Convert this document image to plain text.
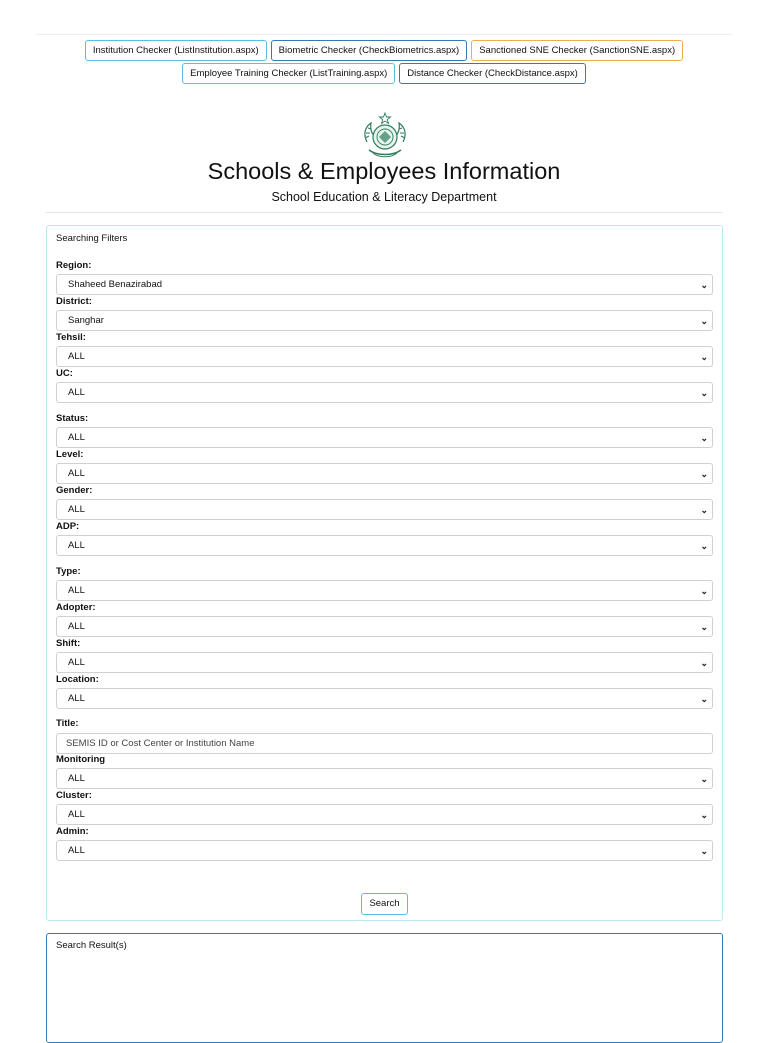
Institution Checker (ListInstitution.aspx)	Biometric Checker (CheckBiometrics.aspx)	Sanctioned SNE Checker (SanctionSNE.aspx)
Employee Training Checker (ListTraining.aspx)	Distance Checker (CheckDistance.aspx)
Schools & Employees Information
School Education & Literacy Department
Searching Filters
Region:
Shaheed Benazirabad	⌄
District:
Sanghar	⌄
Tehsil:
ALL	⌄
UC:
ALL	⌄
Status:
ALL	⌄
Level:
ALL	⌄
Gender:
ALL	⌄
ADP:
ALL	⌄
Type:
ALL	⌄
Adopter:
ALL	⌄
Shift:
ALL	⌄
Location:
ALL	⌄
Title:
SEMIS ID or Cost Center or Institution Name
Monitoring
ALL	⌄
Cluster:
ALL	⌄
Admin:
ALL	⌄
Search
Search Result(s)
